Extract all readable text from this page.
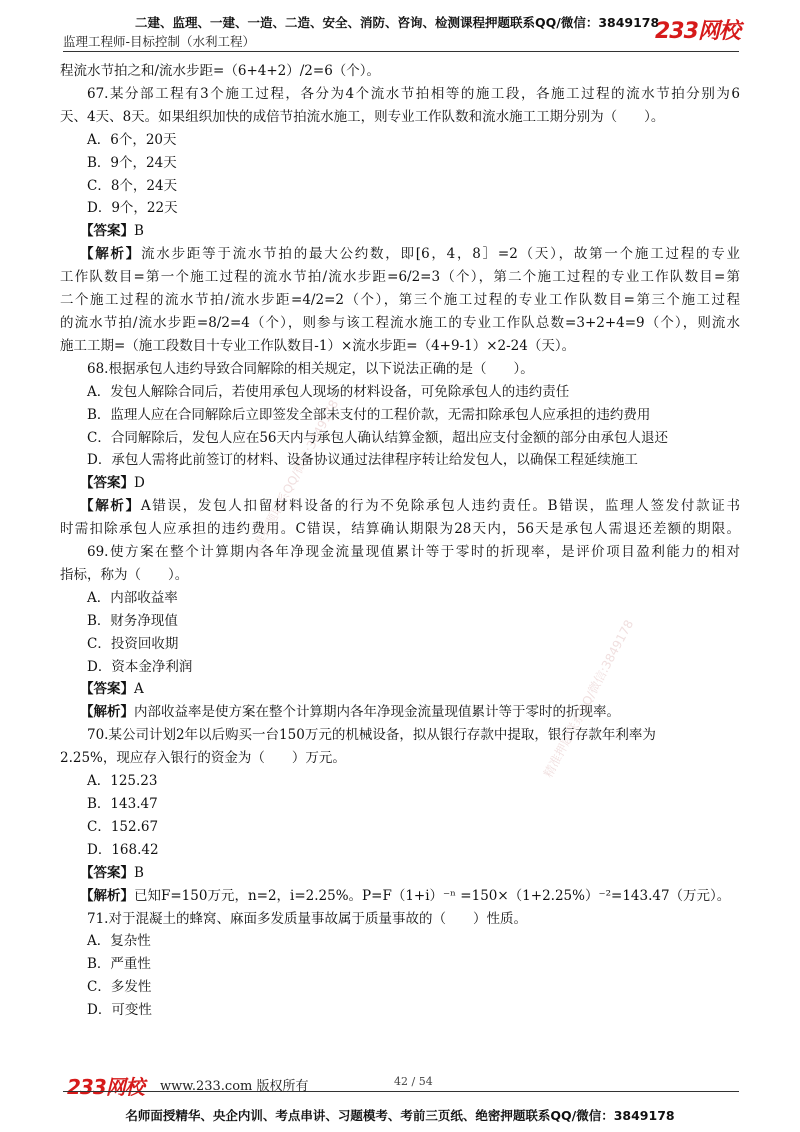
二建、监理、一建、一造、二造、安全、消防、咨询、检测课程押题联系QQ/微信：3849178
监理工程师-目标控制（水利工程）	233网校
精准押题联系QQ/微信:3849178
精准押题联系QQ/微信:3849178
程流水节拍之和/流水步距=（6+4+2）/2=6（个）。
67.某分部工程有3个施工过程，各分为4个流水节拍相等的施工段，各施工过程的流水节拍分别为6
天、4天、8天。如果组织加快的成倍节拍流水施工，则专业工作队数和流水施工工期分别为（　　）。
A．6个，20天
B．9个，24天
C．8个，24天
D．9个，22天
【答案】B
【解析】流水步距等于流水节拍的最大公约数，即[6，4，8］=2（天），故第一个施工过程的专业
工作队数目=第一个施工过程的流水节拍/流水步距=6/2=3（个），第二个施工过程的专业工作队数目=第
二个施工过程的流水节拍/流水步距=4/2=2（个），第三个施工过程的专业工作队数目=第三个施工过程
的流水节拍/流水步距=8/2=4（个），则参与该工程流水施工的专业工作队总数=3+2+4=9（个），则流水
施工工期=（施工段数目十专业工作队数目-1）×流水步距=（4+9-1）×2-24（天）。
68.根据承包人违约导致合同解除的相关规定，以下说法正确的是（　　）。
A．发包人解除合同后，若使用承包人现场的材料设备，可免除承包人的违约责任
B．监理人应在合同解除后立即签发全部未支付的工程价款，无需扣除承包人应承担的违约费用
C．合同解除后，发包人应在56天内与承包人确认结算金额，超出应支付金额的部分由承包人退还
D．承包人需将此前签订的材料、设备协议通过法律程序转让给发包人，以确保工程延续施工
【答案】D
【解析】A错误，发包人扣留材料设备的行为不免除承包人违约责任。B错误，监理人签发付款证书
时需扣除承包人应承担的违约费用。C错误，结算确认期限为28天内，56天是承包人需退还差额的期限。
69.使方案在整个计算期内各年净现金流量现值累计等于零时的折现率，是评价项目盈利能力的相对
指标，称为（　　）。
A．内部收益率
B．财务净现值
C．投资回收期
D．资本金净利润
【答案】A
【解析】内部收益率是使方案在整个计算期内各年净现金流量现值累计等于零时的折现率。
70.某公司计划2年以后购买一台150万元的机械设备，拟从银行存款中提取，银行存款年利率为
2.25%，现应存入银行的资金为（　　）万元。
A．125.23
B．143.47
C．152.67
D．168.42
【答案】B
【解析】已知F=150万元，n=2，i=2.25%。P=F（1+i）⁻ⁿ =150×（1+2.25%）⁻²=143.47（万元）。
71.对于混凝土的蜂窝、麻面多发质量事故属于质量事故的（　　）性质。
A．复杂性
B．严重性
C．多发性
D．可变性
233网校 www.233.com 版权所有	42 / 54
名师面授精华、央企内训、考点串讲、习题模考、考前三页纸、绝密押题联系QQ/微信：3849178
